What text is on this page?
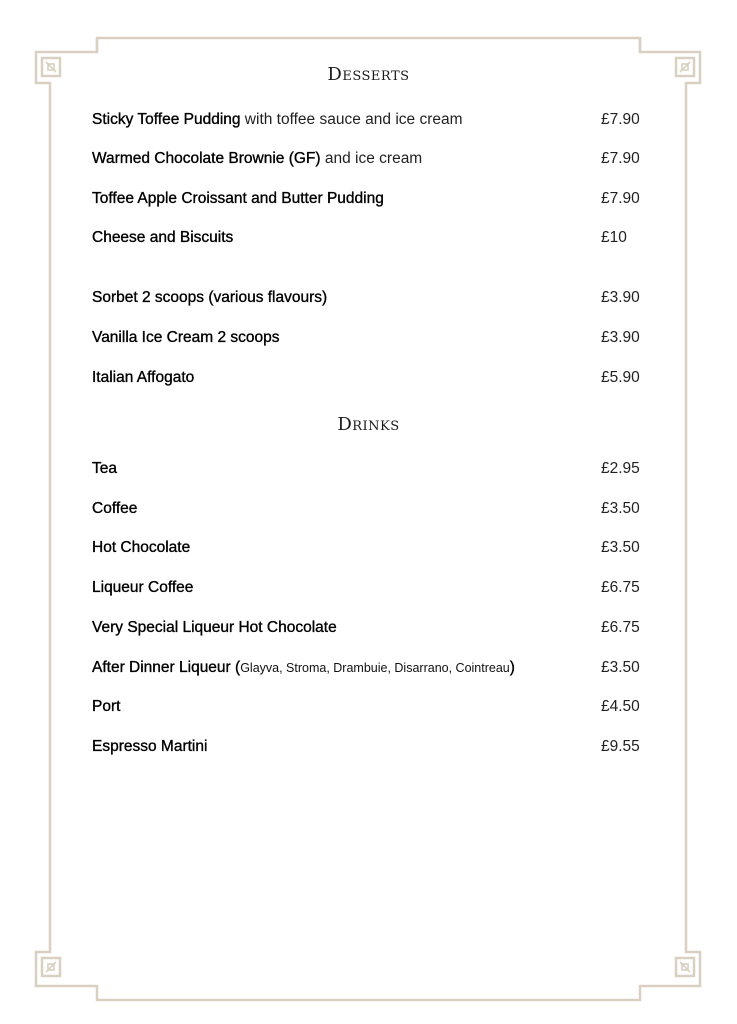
Desserts
Sticky Toffee Pudding with toffee sauce and ice cream	£7.90
Warmed Chocolate Brownie (GF) and ice cream	£7.90
Toffee Apple Croissant and Butter Pudding	£7.90
Cheese and Biscuits	£10
Sorbet 2 scoops (various flavours)	£3.90
Vanilla Ice Cream 2 scoops	£3.90
Italian Affogato	£5.90
Drinks
Tea	£2.95
Coffee	£3.50
Hot Chocolate	£3.50
Liqueur Coffee	£6.75
Very Special Liqueur Hot Chocolate	£6.75
After Dinner Liqueur (Glayva, Stroma, Drambuie, Disarrano, Cointreau)	£3.50
Port	£4.50
Espresso Martini	£9.55
